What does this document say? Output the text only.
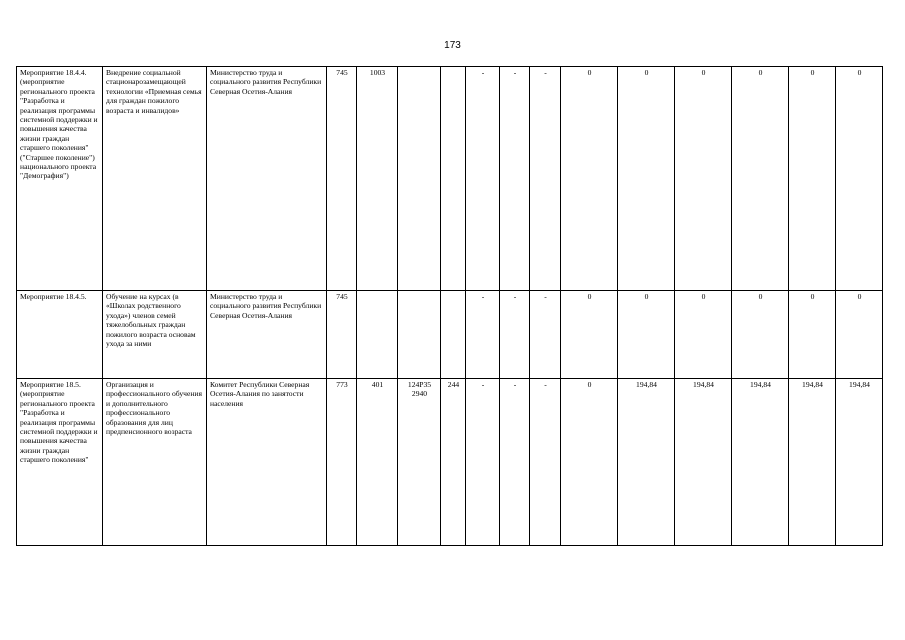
173
Мероприятие 18.4.4. (мероприятие регионального проекта "Разработка и реализация программы системной поддержки и повышения качества жизни граждан старшего поколения" ("Старшее поколение") национального проекта "Демография")	Внедрение социальной стационарозамещающей технологии «Приемная семья для граждан пожилого возраста и инвалидов»	Министерство труда и социального развития Республики Северная Осетия-Алания	745	1003			-	-	-	0	0	0	0	0	0
Мероприятие 18.4.5.	Обучение на курсах (в «Школах родственного ухода») членов семей тяжелобольных граждан пожилого возраста основам ухода за ними	Министерство труда и социального развития Республики Северная Осетия-Алания	745				-	-	-	0	0	0	0	0	0
Мероприятие 18.5. (мероприятие регионального проекта "Разработка и реализация программы системной поддержки и повышения качества жизни граждан старшего поколения"	Организация и профессионального обучения и дополнительного профессионального образования для лиц предпенсионного возраста	Комитет Республики Северная Осетия-Алания по занятости населения	773	401	124P35 2940	244	-	-	-	0	194,84	194,84	194,84	194,84	194,84
